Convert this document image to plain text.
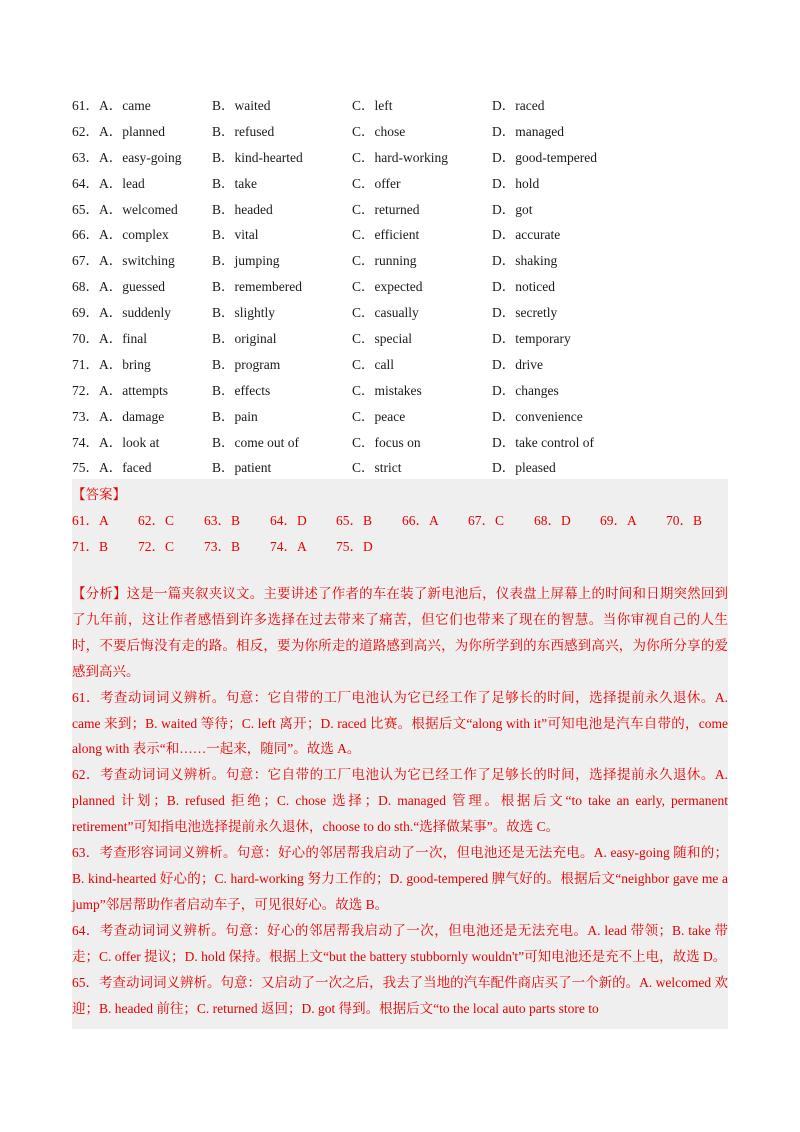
61．A．came	B．waited	C．left	D．raced
62．A．planned	B．refused	C．chose	D．managed
63．A．easy-going	B．kind-hearted	C．hard-working	D．good-tempered
64．A．lead	B．take	C．offer	D．hold
65．A．welcomed	B．headed	C．returned	D．got
66．A．complex	B．vital	C．efficient	D．accurate
67．A．switching	B．jumping	C．running	D．shaking
68．A．guessed	B．remembered	C．expected	D．noticed
69．A．suddenly	B．slightly	C．casually	D．secretly
70．A．final	B．original	C．special	D．temporary
71．A．bring	B．program	C．call	D．drive
72．A．attempts	B．effects	C．mistakes	D．changes
73．A．damage	B．pain	C．peace	D．convenience
74．A．look at	B．come out of	C．focus on	D．take control of
75．A．faced	B．patient	C．strict	D．pleased
【答案】
61．A	62．C	63．B	64．D	65．B	66．A	67．C	68．D	69．A	70．B
71．B	72．C	73．B	74．A	75．D

【分析】这是一篇夹叙夹议文。主要讲述了作者的车在装了新电池后，仪表盘上屏幕上的时间和日期突然回到了九年前，这让作者感悟到许多选择在过去带来了痛苦，但它们也带来了现在的智慧。当你审视自己的人生时，不要后悔没有走的路。相反，要为你所走的道路感到高兴，为你所学到的东西感到高兴，为你所分享的爱感到高兴。

61．考查动词词义辨析。句意：它自带的工厂电池认为它已经工作了足够长的时间，选择提前永久退休。A. came 来到；B. waited 等待；C. left 离开；D. raced 比赛。根据后文“along with it”可知电池是汽车自带的，come along with 表示“和……一起来，随同”。故选 A。

62．考查动词词义辨析。句意：它自带的工厂电池认为它已经工作了足够长的时间，选择提前永久退休。A. planned 计划；B. refused 拒绝；C. chose 选择；D. managed 管理。根据后文“to take an early, permanent retirement”可知指电池选择提前永久退休，choose to do sth.“选择做某事”。故选 C。

63．考查形容词词义辨析。句意：好心的邻居帮我启动了一次，但电池还是无法充电。A. easy-going 随和的；B. kind-hearted 好心的；C. hard-working 努力工作的；D. good-tempered 脾气好的。根据后文“neighbor gave me a jump”邻居帮助作者启动车子，可见很好心。故选 B。

64．考查动词词义辨析。句意：好心的邻居帮我启动了一次，但电池还是无法充电。A. lead 带领；B. take 带走；C. offer 提议；D. hold 保持。根据上文“but the battery stubbornly wouldn't”可知电池还是充不上电，故选 D。

65．考查动词词义辨析。句意：又启动了一次之后，我去了当地的汽车配件商店买了一个新的。A. welcomed 欢迎；B. headed 前往；C. returned 返回；D. got 得到。根据后文“to the local auto parts store to
